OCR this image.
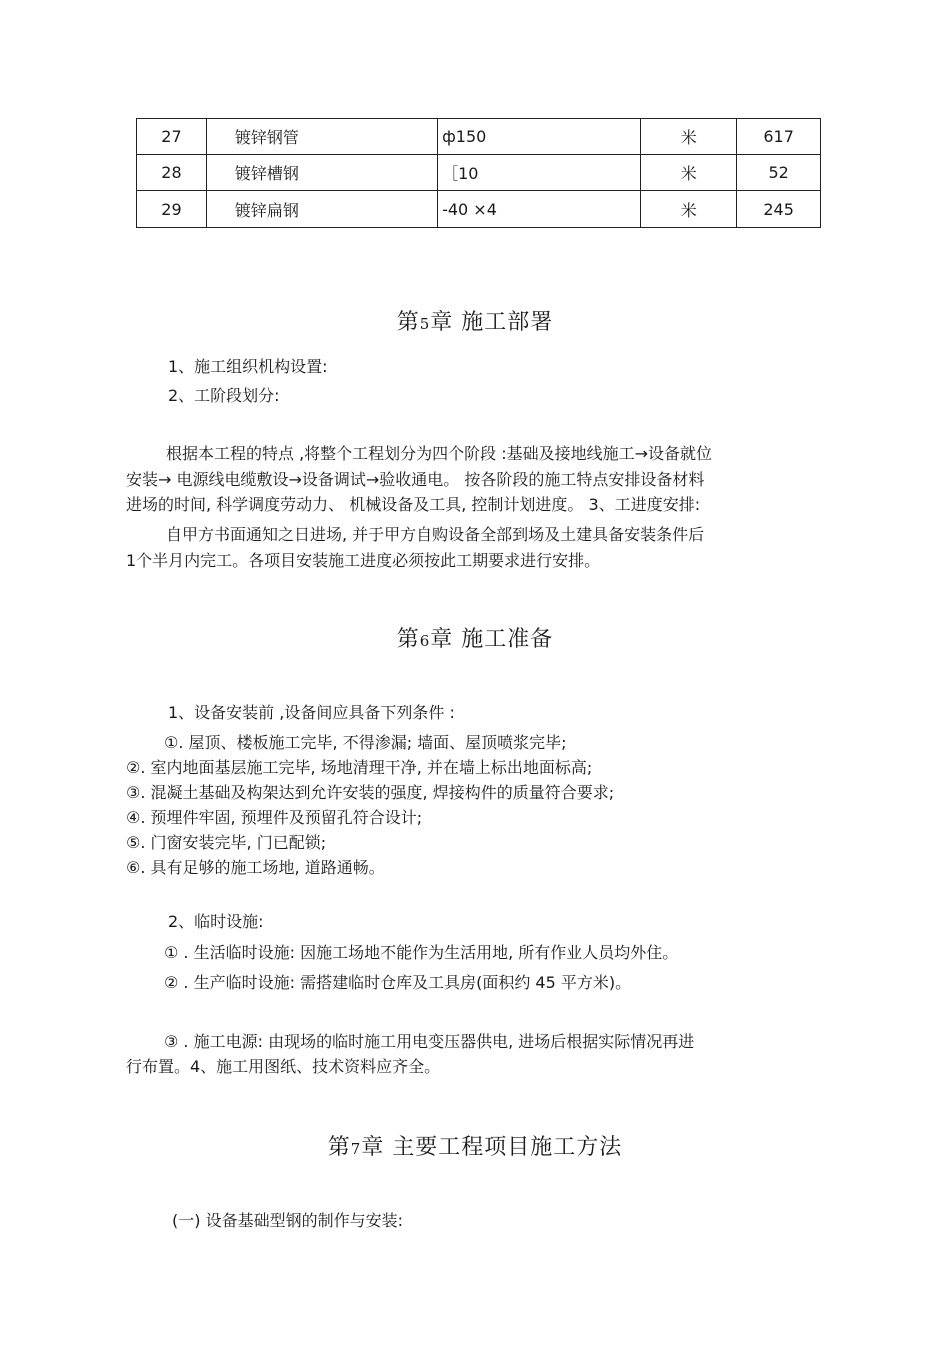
27	镀锌钢管	ф150	米	617
28	镀锌槽钢	［10	米	52
29	镀锌扁钢	-40 ×4	米	245
第5章 施工部署
1、施工组织机构设置:
2、工阶段划分:
根据本工程的特点 ,将整个工程划分为四个阶段 :基础及接地线施工→设备就位
安装→ 电源线电缆敷设→设备调试→验收通电。 按各阶段的施工特点安排设备材料
进场的时间, 科学调度劳动力、 机械设备及工具, 控制计划进度。 3、工进度安排:
自甲方书面通知之日进场, 并于甲方自购设备全部到场及土建具备安装条件后
1个半月内完工。各项目安装施工进度必须按此工期要求进行安排。
第6章 施工准备
1、设备安装前 ,设备间应具备下列条件 :
①. 屋顶、楼板施工完毕, 不得渗漏; 墙面、屋顶喷浆完毕;
②. 室内地面基层施工完毕, 场地清理干净, 并在墙上标出地面标高;
③. 混凝土基础及构架达到允许安装的强度, 焊接构件的质量符合要求;
④. 预埋件牢固, 预埋件及预留孔符合设计;
⑤. 门窗安装完毕, 门已配锁;
⑥. 具有足够的施工场地, 道路通畅。
2、临时设施:
① . 生活临时设施: 因施工场地不能作为生活用地, 所有作业人员均外住。
② . 生产临时设施: 需搭建临时仓库及工具房(面积约 45 平方米)。
③ . 施工电源: 由现场的临时施工用电变压器供电, 进场后根据实际情况再进
行布置。4、施工用图纸、技术资料应齐全。
第7章 主要工程项目施工方法
(一) 设备基础型钢的制作与安装:
